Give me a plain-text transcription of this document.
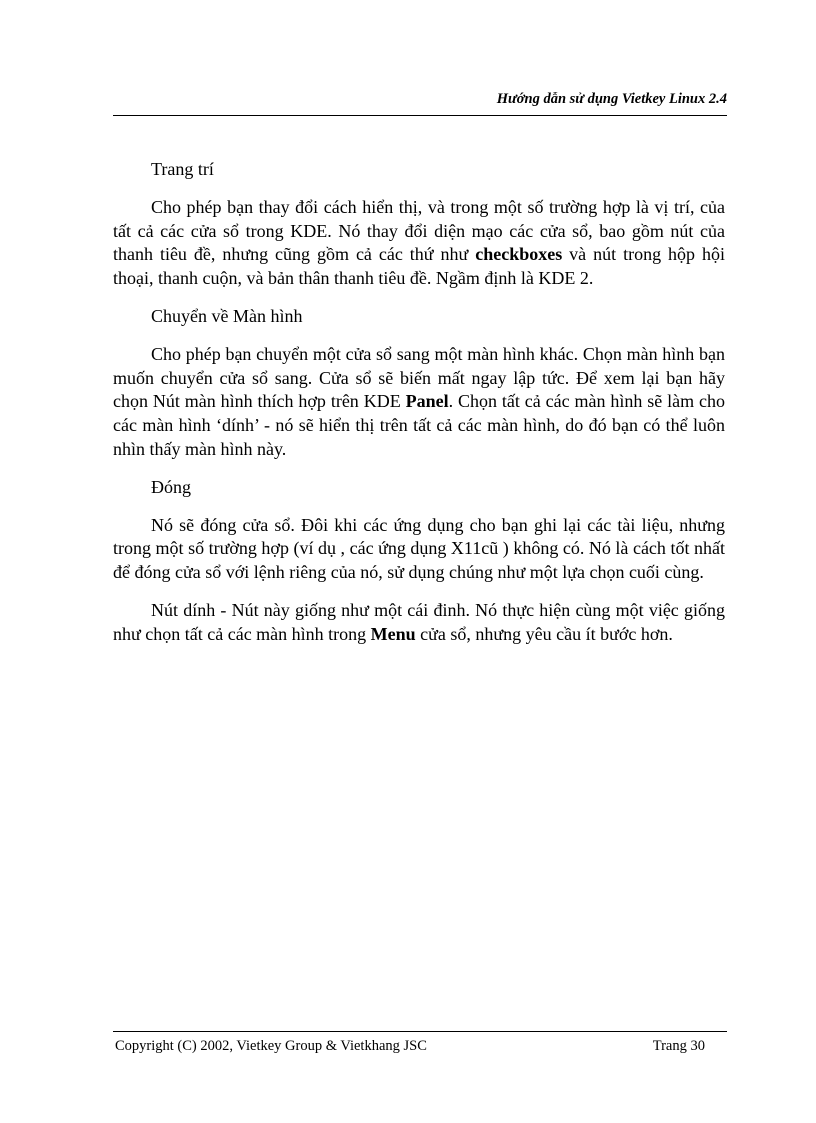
Hướng dẫn sử dụng Vietkey Linux 2.4

Trang trí

Cho phép bạn thay đổi cách hiển thị, và trong một số trường hợp là vị trí, của tất cả các cửa sổ trong KDE. Nó thay đổi diện mạo các cửa sổ, bao gồm nút của thanh tiêu đề, nhưng cũng gồm cả các thứ như checkboxes và nút trong hộp hội thoại, thanh cuộn, và bản thân thanh tiêu đề. Ngầm định là KDE 2.

Chuyển về Màn hình

Cho phép bạn chuyển một cửa sổ sang một màn hình khác. Chọn màn hình bạn muốn chuyển cửa sổ sang. Cửa sổ sẽ biến mất ngay lập tức. Để xem lại bạn hãy chọn Nút màn hình thích hợp trên KDE Panel. Chọn tất cả các màn hình sẽ làm cho các màn hình ‘dính’ - nó sẽ hiển thị trên tất cả các màn hình, do đó bạn có thể luôn nhìn thấy màn hình này.

Đóng

Nó sẽ đóng cửa sổ. Đôi khi các ứng dụng cho bạn ghi lại các tài liệu, nhưng trong một số trường hợp (ví dụ , các ứng dụng X11cũ ) không có. Nó là cách tốt nhất để đóng cửa sổ với lệnh riêng của nó, sử dụng chúng như một lựa chọn cuối cùng.

Nút dính - Nút này giống như một cái đinh. Nó thực hiện cùng một việc giống như chọn tất cả các màn hình trong Menu cửa sổ, nhưng yêu cầu ít bước hơn.

Copyright (C) 2002, Vietkey Group & Vietkhang JSC	Trang 30
